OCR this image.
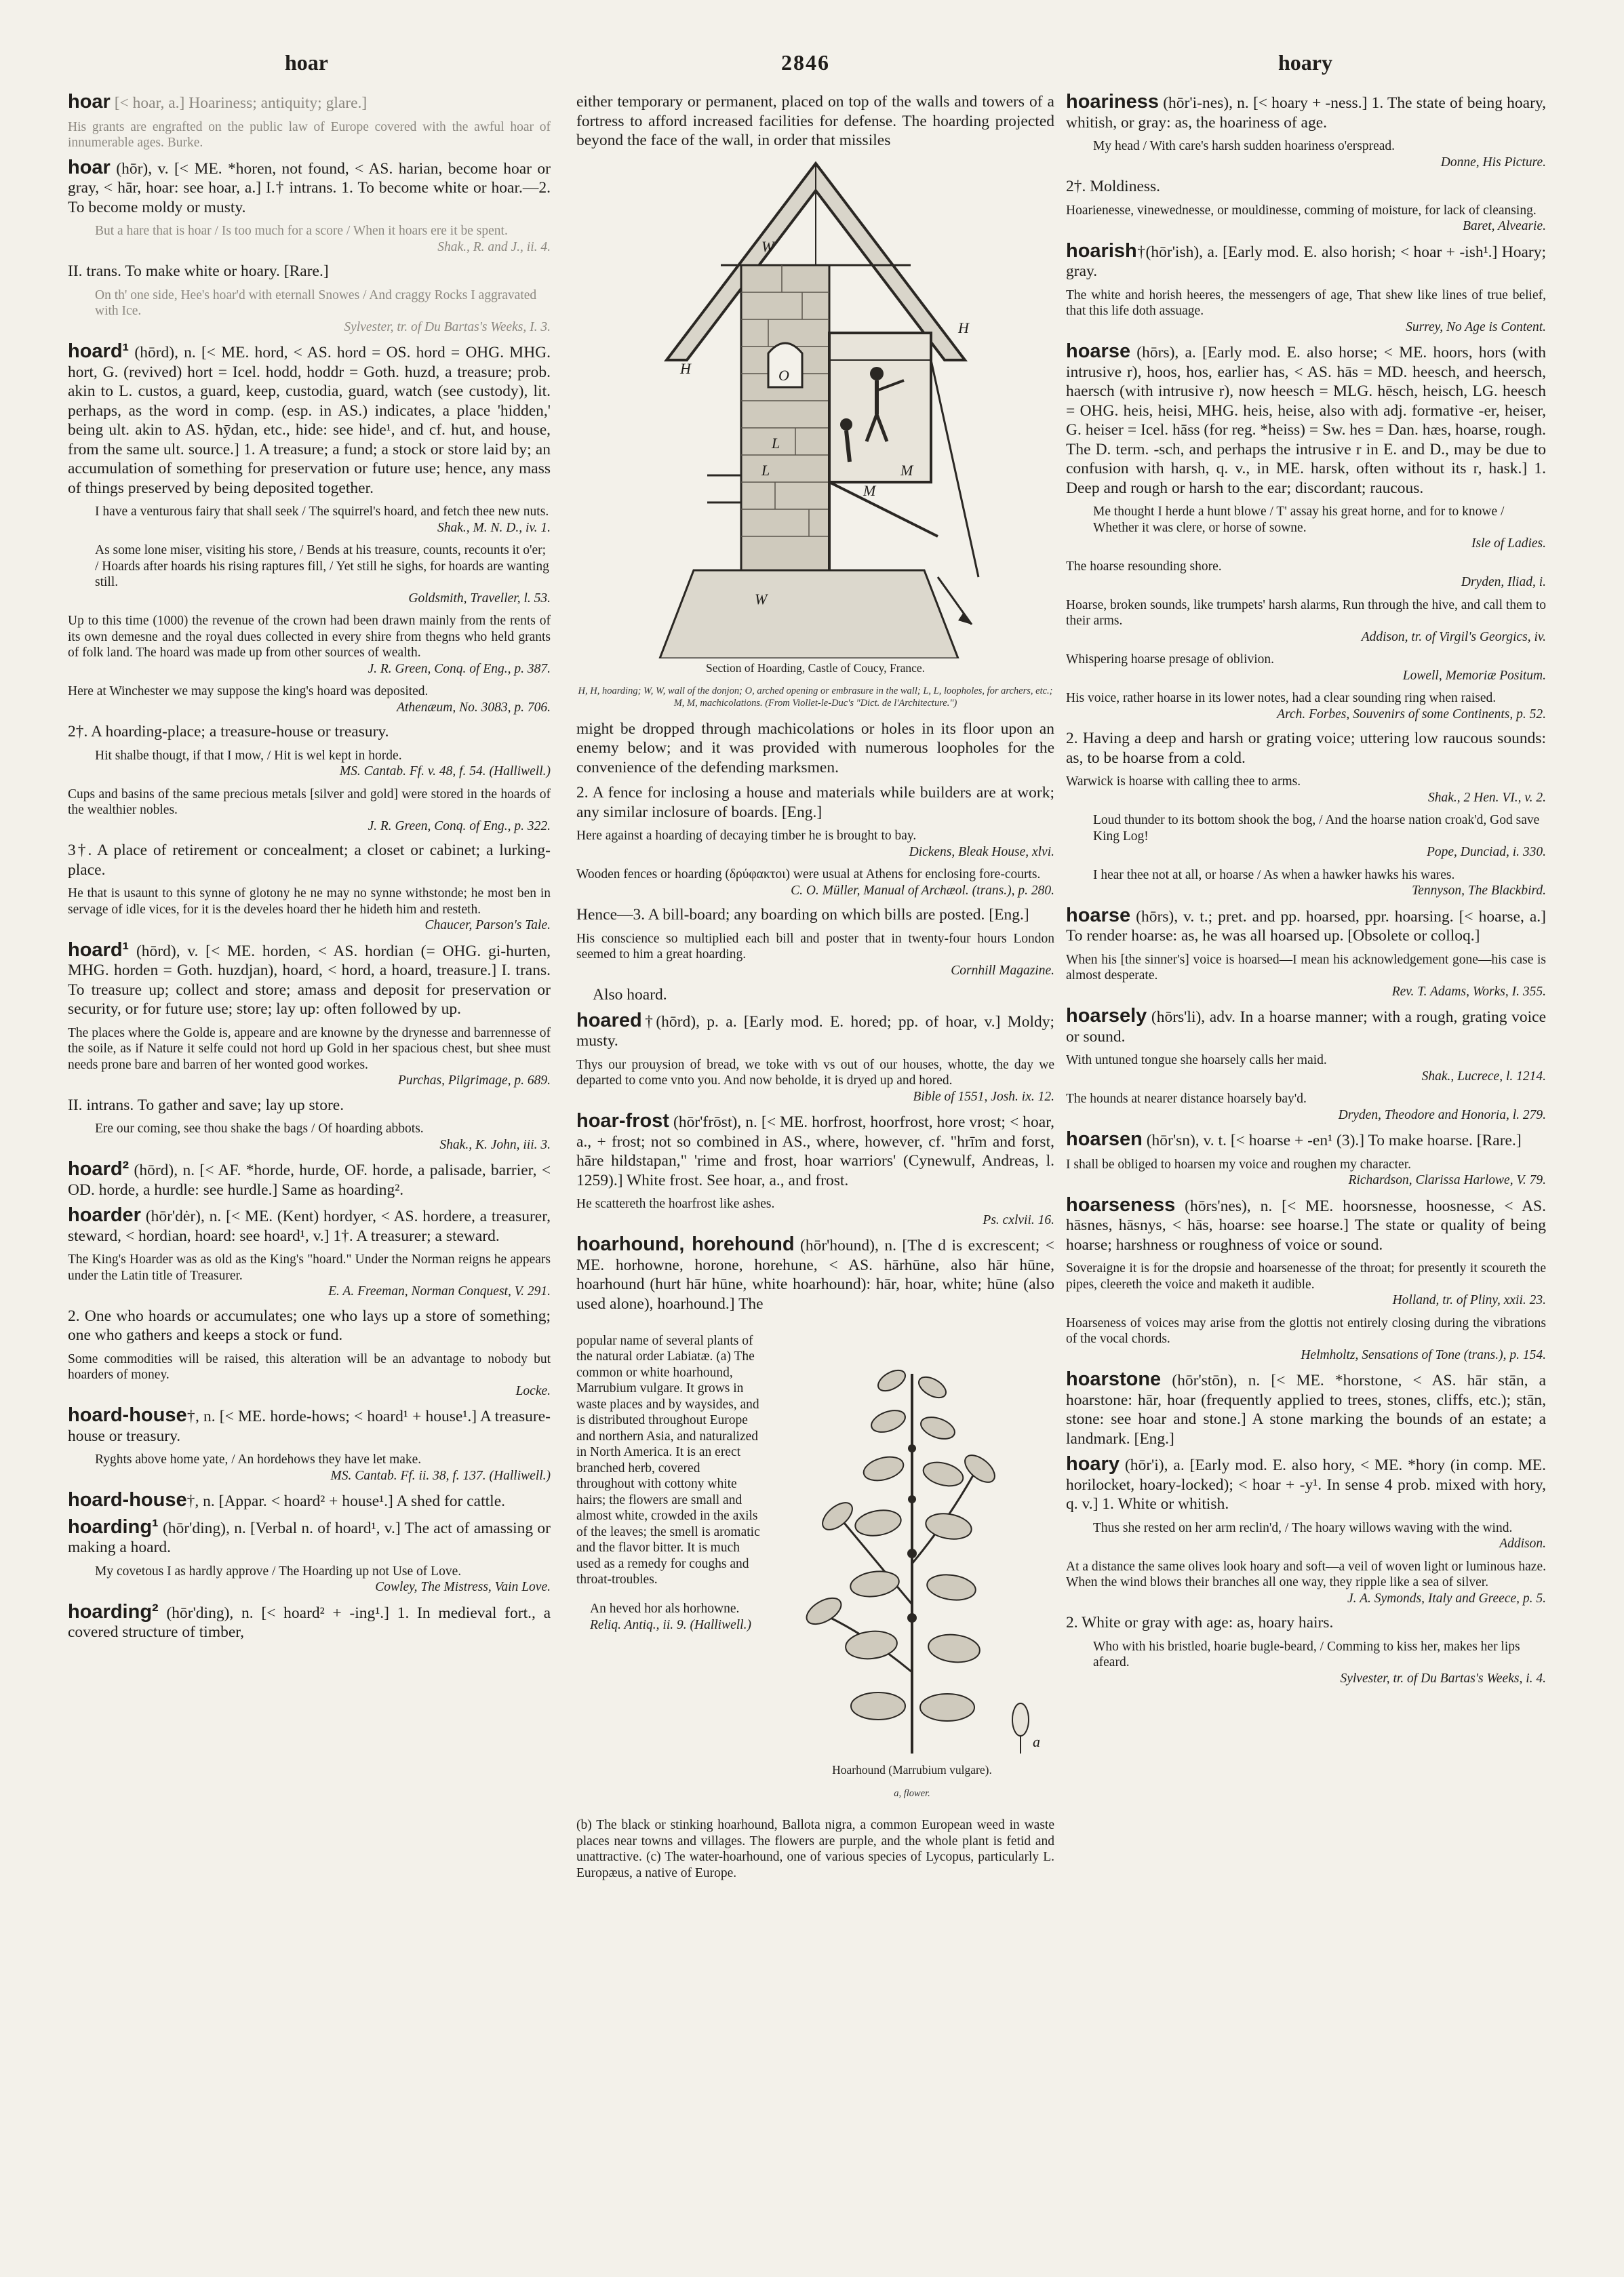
hoar	2846	hoary

hoar [< hoar, a.] Hoariness; antiquity; glare.]

His grants are engrafted on the public law of Europe covered with the awful hoar of innumerable ages. Burke.

hoar (hōr), v. [< ME. *horen, not found, < AS. harian, become hoar or gray, < hār, hoar: see hoar, a.] I.† intrans. 1. To become white or hoar.—2. To become moldy or musty.

But a hare that is hoar / Is too much for a score / When it hoars ere it be spent.
Shak., R. and J., ii. 4.

II. trans. To make white or hoary. [Rare.]

On th' one side, Hee's hoar'd with eternall Snowes / And craggy Rocks I aggravated with Ice.
Sylvester, tr. of Du Bartas's Weeks, I. 3.

hoard¹ (hōrd), n. [< ME. hord, < AS. hord = OS. hord = OHG. MHG. hort, G. (revived) hort = Icel. hodd, hoddr = Goth. huzd, a treasure; prob. akin to L. custos, a guard, keep, custodia, guard, watch (see custody), lit. perhaps, as the word in comp. (esp. in AS.) indicates, a place 'hidden,' being ult. akin to AS. hȳdan, etc., hide: see hide¹, and cf. hut, and house, from the same ult. source.] 1. A treasure; a fund; a stock or store laid by; an accumulation of something for preservation or future use; hence, any mass of things preserved by being deposited together.

I have a venturous fairy that shall seek / The squirrel's hoard, and fetch thee new nuts.
Shak., M. N. D., iv. 1.
As some lone miser, visiting his store, / Bends at his treasure, counts, recounts it o'er; / Hoards after hoards his rising raptures fill, / Yet still he sighs, for hoards are wanting still.
Goldsmith, Traveller, l. 53.
Up to this time (1000) the revenue of the crown had been drawn mainly from the rents of its own demesne and the royal dues collected in every shire from thegns who held grants of folk land. The hoard was made up from other sources of wealth.
J. R. Green, Conq. of Eng., p. 387.
Here at Winchester we may suppose the king's hoard was deposited.
Athenæum, No. 3083, p. 706.

2†. A hoarding-place; a treasure-house or treasury.

Hit shalbe thougt, if that I mow, / Hit is wel kept in horde.
MS. Cantab. Ff. v. 48, f. 54. (Halliwell.)
Cups and basins of the same precious metals [silver and gold] were stored in the hoards of the wealthier nobles.
J. R. Green, Conq. of Eng., p. 322.

3†. A place of retirement or concealment; a closet or cabinet; a lurking-place.

He that is usaunt to this synne of glotony he ne may no synne withstonde; he most ben in servage of idle vices, for it is the develes hoard ther he hideth him and resteth.
Chaucer, Parson's Tale.

hoard¹ (hōrd), v. [< ME. horden, < AS. hordian (= OHG. gi-hurten, MHG. horden = Goth. huzdjan), hoard, < hord, a hoard, treasure.] I. trans. To treasure up; collect and store; amass and deposit for preservation or security, or for future use; store; lay up: often followed by up.

The places where the Golde is, appeare and are knowne by the drynesse and barrennesse of the soile, as if Nature it selfe could not hord up Gold in her spacious chest, but shee must needs prone bare and barren of her wonted good workes.
Purchas, Pilgrimage, p. 689.

II. intrans. To gather and save; lay up store.

Ere our coming, see thou shake the bags / Of hoarding abbots.
Shak., K. John, iii. 3.

hoard² (hōrd), n. [< AF. *horde, hurde, OF. horde, a palisade, barrier, < OD. horde, a hurdle: see hurdle.] Same as hoarding².

hoarder (hōr'dėr), n. [< ME. (Kent) hordyer, < AS. hordere, a treasurer, steward, < hordian, hoard: see hoard¹, v.] 1†. A treasurer; a steward.

The King's Hoarder was as old as the King's "hoard." Under the Norman reigns he appears under the Latin title of Treasurer.
E. A. Freeman, Norman Conquest, V. 291.

2. One who hoards or accumulates; one who lays up a store of something; one who gathers and keeps a stock or fund.

Some commodities will be raised, this alteration will be an advantage to nobody but hoarders of money.
Locke.

hoard-house†, n. [< ME. horde-hows; < hoard¹ + house¹.] A treasure-house or treasury.

Ryghts above home yate, / An hordehows they have let make.
MS. Cantab. Ff. ii. 38, f. 137. (Halliwell.)

hoard-house†, n. [Appar. < hoard² + house¹.] A shed for cattle.

hoarding¹ (hōr'ding), n. [Verbal n. of hoard¹, v.] The act of amassing or making a hoard.

My covetous I as hardly approve / The Hoarding up not Use of Love.
Cowley, The Mistress, Vain Love.

hoarding² (hōr'ding), n. [< hoard² + -ing¹.] 1. In medieval fort., a covered structure of timber,

either temporary or permanent, placed on top of the walls and towers of a fortress to afford increased facilities for defense. The hoarding projected beyond the face of the wall, in order that missiles

H
H
W
W
O
L
L
M
M

Section of Hoarding, Castle of Coucy, France.

H, H, hoarding; W, W, wall of the donjon; O, arched opening or embrasure in the wall; L, L, loopholes, for archers, etc.; M, M, machicolations. (From Viollet-le-Duc's "Dict. de l'Architecture.")

might be dropped through machicolations or holes in its floor upon an enemy below; and it was provided with numerous loopholes for the convenience of the defending marksmen.

2. A fence for inclosing a house and materials while builders are at work; any similar inclosure of boards. [Eng.]

Here against a hoarding of decaying timber he is brought to bay.
Dickens, Bleak House, xlvi.
Wooden fences or hoarding (δρύφακτοι) were usual at Athens for enclosing fore-courts.
C. O. Müller, Manual of Archæol. (trans.), p. 280.

Hence—3. A bill-board; any boarding on which bills are posted. [Eng.]

His conscience so multiplied each bill and poster that in twenty-four hours London seemed to him a great hoarding.
Cornhill Magazine.

Also hoard.

hoared†(hōrd), p. a. [Early mod. E. hored; pp. of hoar, v.] Moldy; musty.

Thys our prouysion of bread, we toke with vs out of our houses, whotte, the day we departed to come vnto you. And now beholde, it is dryed up and hored.
Bible of 1551, Josh. ix. 12.

hoar-frost (hōr'frōst), n. [< ME. horfrost, hoorfrost, hore vrost; < hoar, a., + frost; not so combined in AS., where, however, cf. "hrīm and forst, hāre hildstapan," 'rime and frost, hoar warriors' (Cynewulf, Andreas, l. 1259).] White frost. See hoar, a., and frost.

He scattereth the hoarfrost like ashes.
Ps. cxlvii. 16.

hoarhound, horehound (hōr'hound), n. [The d is excrescent; < ME. horhowne, horone, horehune, < AS. hārhūne, also hār hūne, hoarhound (hurt hār hūne, white hoarhound): hār, hoar, white; hūne (also used alone), hoarhound.] The

a

Hoarhound (Marrubium vulgare).

a, flower.

popular name of several plants of the natural order Labiatæ. (a) The common or white hoarhound, Marrubium vulgare. It grows in waste places and by waysides, and is distributed throughout Europe and northern Asia, and naturalized in North America. It is an erect branched herb, covered throughout with cottony white hairs; the flowers are small and almost white, crowded in the axils of the leaves; the smell is aromatic and the flavor bitter. It is much used as a remedy for coughs and throat-troubles.

An heved hor als horhowne.
Reliq. Antiq., ii. 9. (Halliwell.)

(b) The black or stinking hoarhound, Ballota nigra, a common European weed in waste places near towns and villages. The flowers are purple, and the whole plant is fetid and unattractive. (c) The water-hoarhound, one of various species of Lycopus, particularly L. Europæus, a native of Europe.

hoariness (hōr'i-nes), n. [< hoary + -ness.] 1. The state of being hoary, whitish, or gray: as, the hoariness of age.

My head / With care's harsh sudden hoariness o'erspread.
Donne, His Picture.

2†. Moldiness.

Hoarienesse, vinewednesse, or mouldinesse, comming of moisture, for lack of cleansing.
Baret, Alvearie.

hoarish†(hōr'ish), a. [Early mod. E. also horish; < hoar + -ish¹.] Hoary; gray.

The white and horish heeres, the messengers of age, That shew like lines of true belief, that this life doth assuage.
Surrey, No Age is Content.

hoarse (hōrs), a. [Early mod. E. also horse; < ME. hoors, hors (with intrusive r), hoos, hos, earlier has, < AS. hās = MD. heesch, and heersch, haersch (with intrusive r), now heesch = MLG. hēsch, heisch, LG. heesch = OHG. heis, heisi, MHG. heis, heise, also with adj. formative -er, heiser, G. heiser = Icel. hāss (for reg. *heiss) = Sw. hes = Dan. hæs, hoarse, rough. The D. term. -sch, and perhaps the intrusive r in E. and D., may be due to confusion with harsh, q. v., in ME. harsk, often without its r, hask.] 1. Deep and rough or harsh to the ear; discordant; raucous.

Me thought I herde a hunt blowe / T' assay his great horne, and for to knowe / Whether it was clere, or horse of sowne.
Isle of Ladies.
The hoarse resounding shore.
Dryden, Iliad, i.
Hoarse, broken sounds, like trumpets' harsh alarms, Run through the hive, and call them to their arms.
Addison, tr. of Virgil's Georgics, iv.
Whispering hoarse presage of oblivion.
Lowell, Memoriæ Positum.
His voice, rather hoarse in its lower notes, had a clear sounding ring when raised.
Arch. Forbes, Souvenirs of some Continents, p. 52.

2. Having a deep and harsh or grating voice; uttering low raucous sounds: as, to be hoarse from a cold.

Warwick is hoarse with calling thee to arms.
Shak., 2 Hen. VI., v. 2.
Loud thunder to its bottom shook the bog, / And the hoarse nation croak'd, God save King Log!
Pope, Dunciad, i. 330.
I hear thee not at all, or hoarse / As when a hawker hawks his wares.
Tennyson, The Blackbird.

hoarse (hōrs), v. t.; pret. and pp. hoarsed, ppr. hoarsing. [< hoarse, a.] To render hoarse: as, he was all hoarsed up. [Obsolete or colloq.]

When his [the sinner's] voice is hoarsed—I mean his acknowledgement gone—his case is almost desperate.
Rev. T. Adams, Works, I. 355.

hoarsely (hōrs'li), adv. In a hoarse manner; with a rough, grating voice or sound.

With untuned tongue she hoarsely calls her maid.
Shak., Lucrece, l. 1214.
The hounds at nearer distance hoarsely bay'd.
Dryden, Theodore and Honoria, l. 279.

hoarsen (hōr'sn), v. t. [< hoarse + -en¹ (3).] To make hoarse. [Rare.]

I shall be obliged to hoarsen my voice and roughen my character.
Richardson, Clarissa Harlowe, V. 79.

hoarseness (hōrs'nes), n. [< ME. hoorsnesse, hoosnesse, < AS. hāsnes, hāsnys, < hās, hoarse: see hoarse.] The state or quality of being hoarse; harshness or roughness of voice or sound.

Soveraigne it is for the dropsie and hoarsenesse of the throat; for presently it scoureth the pipes, cleereth the voice and maketh it audible.
Holland, tr. of Pliny, xxii. 23.
Hoarseness of voices may arise from the glottis not entirely closing during the vibrations of the vocal chords.
Helmholtz, Sensations of Tone (trans.), p. 154.

hoarstone (hōr'stōn), n. [< ME. *horstone, < AS. hār stān, a hoarstone: hār, hoar (frequently applied to trees, stones, cliffs, etc.); stān, stone: see hoar and stone.] A stone marking the bounds of an estate; a landmark. [Eng.]

hoary (hōr'i), a. [Early mod. E. also hory, < ME. *hory (in comp. ME. horilocket, hoary-locked); < hoar + -y¹. In sense 4 prob. mixed with hory, q. v.] 1. White or whitish.

Thus she rested on her arm reclin'd, / The hoary willows waving with the wind.
Addison.
At a distance the same olives look hoary and soft—a veil of woven light or luminous haze. When the wind blows their branches all one way, they ripple like a sea of silver.
J. A. Symonds, Italy and Greece, p. 5.

2. White or gray with age: as, hoary hairs.

Who with his bristled, hoarie bugle-beard, / Comming to kiss her, makes her lips afeard.
Sylvester, tr. of Du Bartas's Weeks, i. 4.
